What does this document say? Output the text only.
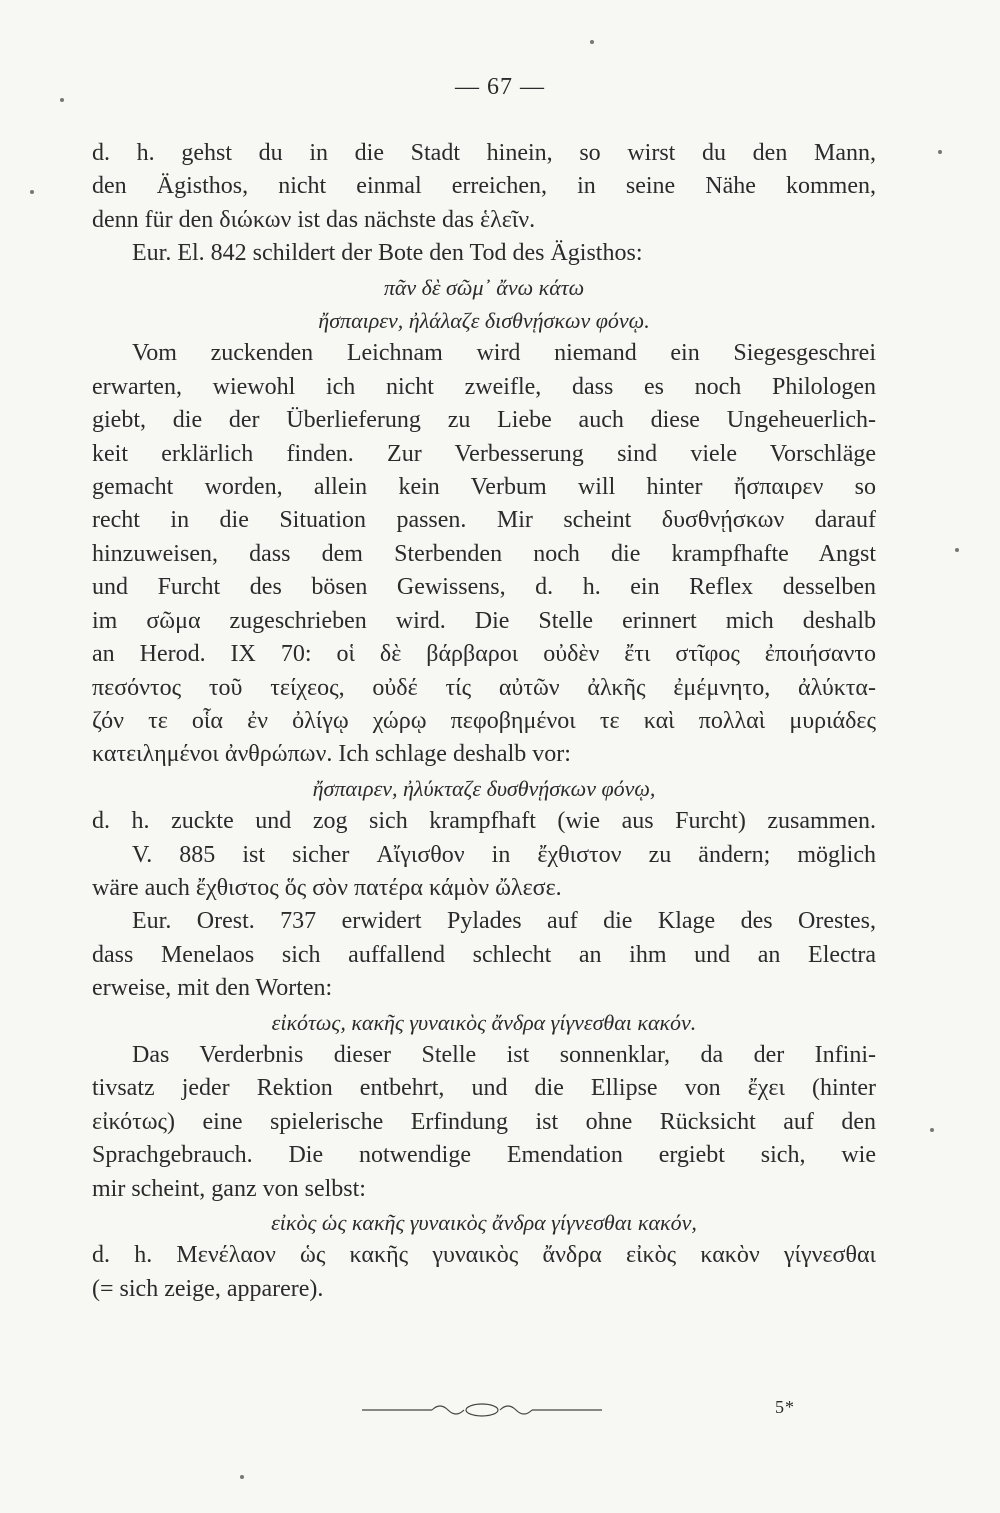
— 67 —
d. h. gehst du in die Stadt hinein, so wirst du den Mann,
den Ägisthos, nicht einmal erreichen, in seine Nähe kommen,
denn für den διώκων ist das nächste das ἑλεῖν.
Eur. El. 842 schildert der Bote den Tod des Ägisthos:
πᾶν δὲ σῶμ᾿ ἄνω κάτω
ἤσπαιρεν, ἠλάλαζε δισθνῄσκων φόνῳ.
Vom zuckenden Leichnam wird niemand ein Siegesgeschrei
erwarten, wiewohl ich nicht zweifle, dass es noch Philologen
giebt, die der Überlieferung zu Liebe auch diese Ungeheuerlich-
keit erklärlich finden. Zur Verbesserung sind viele Vorschläge
gemacht worden, allein kein Verbum will hinter ἤσπαιρεν so
recht in die Situation passen. Mir scheint δυσθνῄσκων darauf
hinzuweisen, dass dem Sterbenden noch die krampfhafte Angst
und Furcht des bösen Gewissens, d. h. ein Reflex desselben
im σῶμα zugeschrieben wird. Die Stelle erinnert mich deshalb
an Herod. IX 70: οἱ δὲ βάρβαροι οὐδὲν ἔτι στῖφος ἐποιήσαντο
πεσόντος τοῦ τείχεος, οὐδέ τίς αὐτῶν ἀλκῆς ἐμέμνητο, ἀλύκτα-
ζόν τε οἷα ἐν ὀλίγῳ χώρῳ πεφοβημένοι τε καὶ πολλαὶ μυριάδες
κατειλημένοι ἀνθρώπων. Ich schlage deshalb vor:
ἤσπαιρεν, ἠλύκταζε δυσθνῄσκων φόνῳ,
d. h. zuckte und zog sich krampfhaft (wie aus Furcht) zusammen.
V. 885 ist sicher Αἴγισθον in ἔχθιστον zu ändern; möglich
wäre auch ἔχθιστος ὅς σὸν πατέρα κάμὸν ὤλεσε.
Eur. Orest. 737 erwidert Pylades auf die Klage des Orestes,
dass Menelaos sich auffallend schlecht an ihm und an Electra
erweise, mit den Worten:
εἰκότως, κακῆς γυναικὸς ἄνδρα γίγνεσθαι κακόν.
Das Verderbnis dieser Stelle ist sonnenklar, da der Infini-
tivsatz jeder Rektion entbehrt, und die Ellipse von ἔχει (hinter
εἰκότως) eine spielerische Erfindung ist ohne Rücksicht auf den
Sprachgebrauch. Die notwendige Emendation ergiebt sich, wie
mir scheint, ganz von selbst:
εἰκὸς ὡς κακῆς γυναικὸς ἄνδρα γίγνεσθαι κακόν,
d. h. Μενέλαον ὡς κακῆς γυναικὸς ἄνδρα εἰκὸς κακὸν γίγνεσθαι
(= sich zeige, apparere).
5*
